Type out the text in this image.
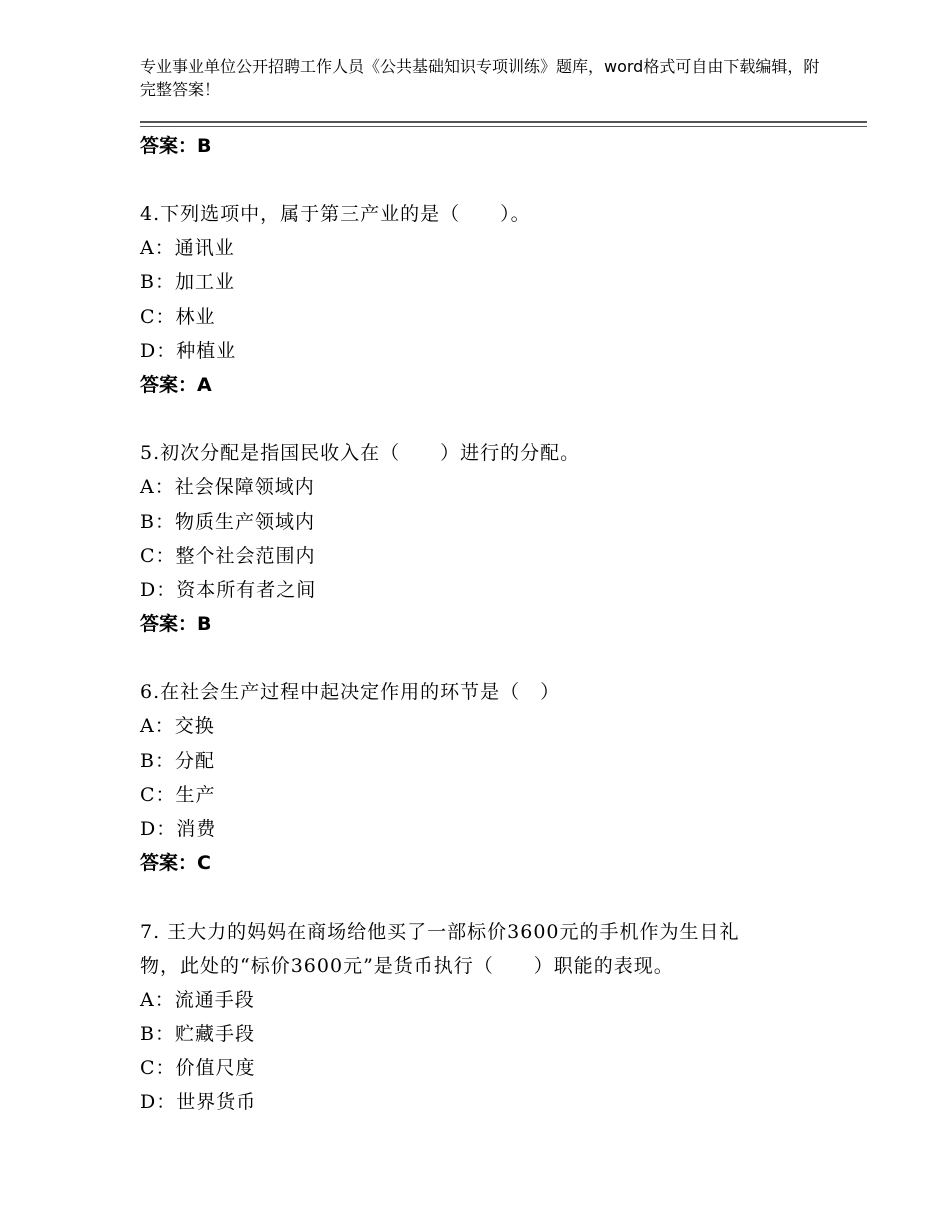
专业事业单位公开招聘工作人员《公共基础知识专项训练》题库，word格式可自由下载编辑，附完整答案！
答案：B
4.下列选项中，属于第三产业的是（　　）。
A：通讯业
B：加工业
C：林业
D：种植业
答案：A
5.初次分配是指国民收入在（　　）进行的分配。
A：社会保障领域内
B：物质生产领域内
C：整个社会范围内
D：资本所有者之间
答案：B
6.在社会生产过程中起决定作用的环节是（　）
A：交换
B：分配
C：生产
D：消费
答案：C
7. 王大力的妈妈在商场给他买了一部标价3600元的手机作为生日礼
物，此处的“标价3600元”是货币执行（　　）职能的表现。
A：流通手段
B：贮藏手段
C：价值尺度
D：世界货币
